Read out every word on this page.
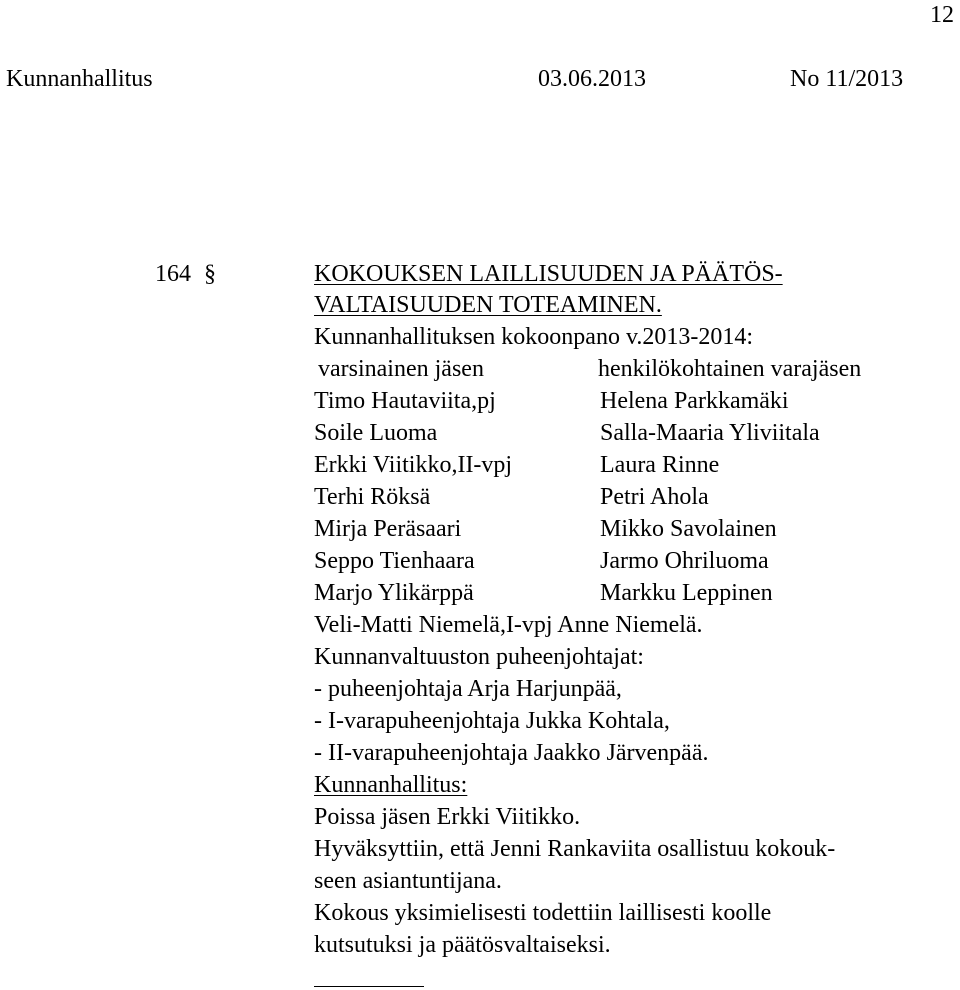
12
Kunnanhallitus	03.06.2013	No 11/2013
164 §	KOKOUKSEN LAILLISUUDEN JA PÄÄTÖS-
VALTAISUUDEN TOTEAMINEN.
Kunnanhallituksen kokoonpano v.2013-2014:
varsinainen jäsen	henkilökohtainen varajäsen
Timo Hautaviita,pj	Helena Parkkamäki
Soile Luoma	Salla-Maaria Yliviitala
Erkki Viitikko,II-vpj	Laura Rinne
Terhi Röksä	Petri Ahola
Mirja Peräsaari	Mikko Savolainen
Seppo Tienhaara	Jarmo Ohriluoma
Marjo Ylikärppä	Markku Leppinen
Veli-Matti Niemelä,I-vpj Anne Niemelä.
Kunnanvaltuuston puheenjohtajat:
- puheenjohtaja Arja Harjunpää,
- I-varapuheenjohtaja Jukka Kohtala,
- II-varapuheenjohtaja Jaakko Järvenpää.
Kunnanhallitus:
Poissa jäsen Erkki Viitikko.
Hyväksyttiin, että Jenni Rankaviita osallistuu kokouk-
seen asiantuntijana.
Kokous yksimielisesti todettiin laillisesti koolle
kutsutuksi ja päätösvaltaiseksi.
